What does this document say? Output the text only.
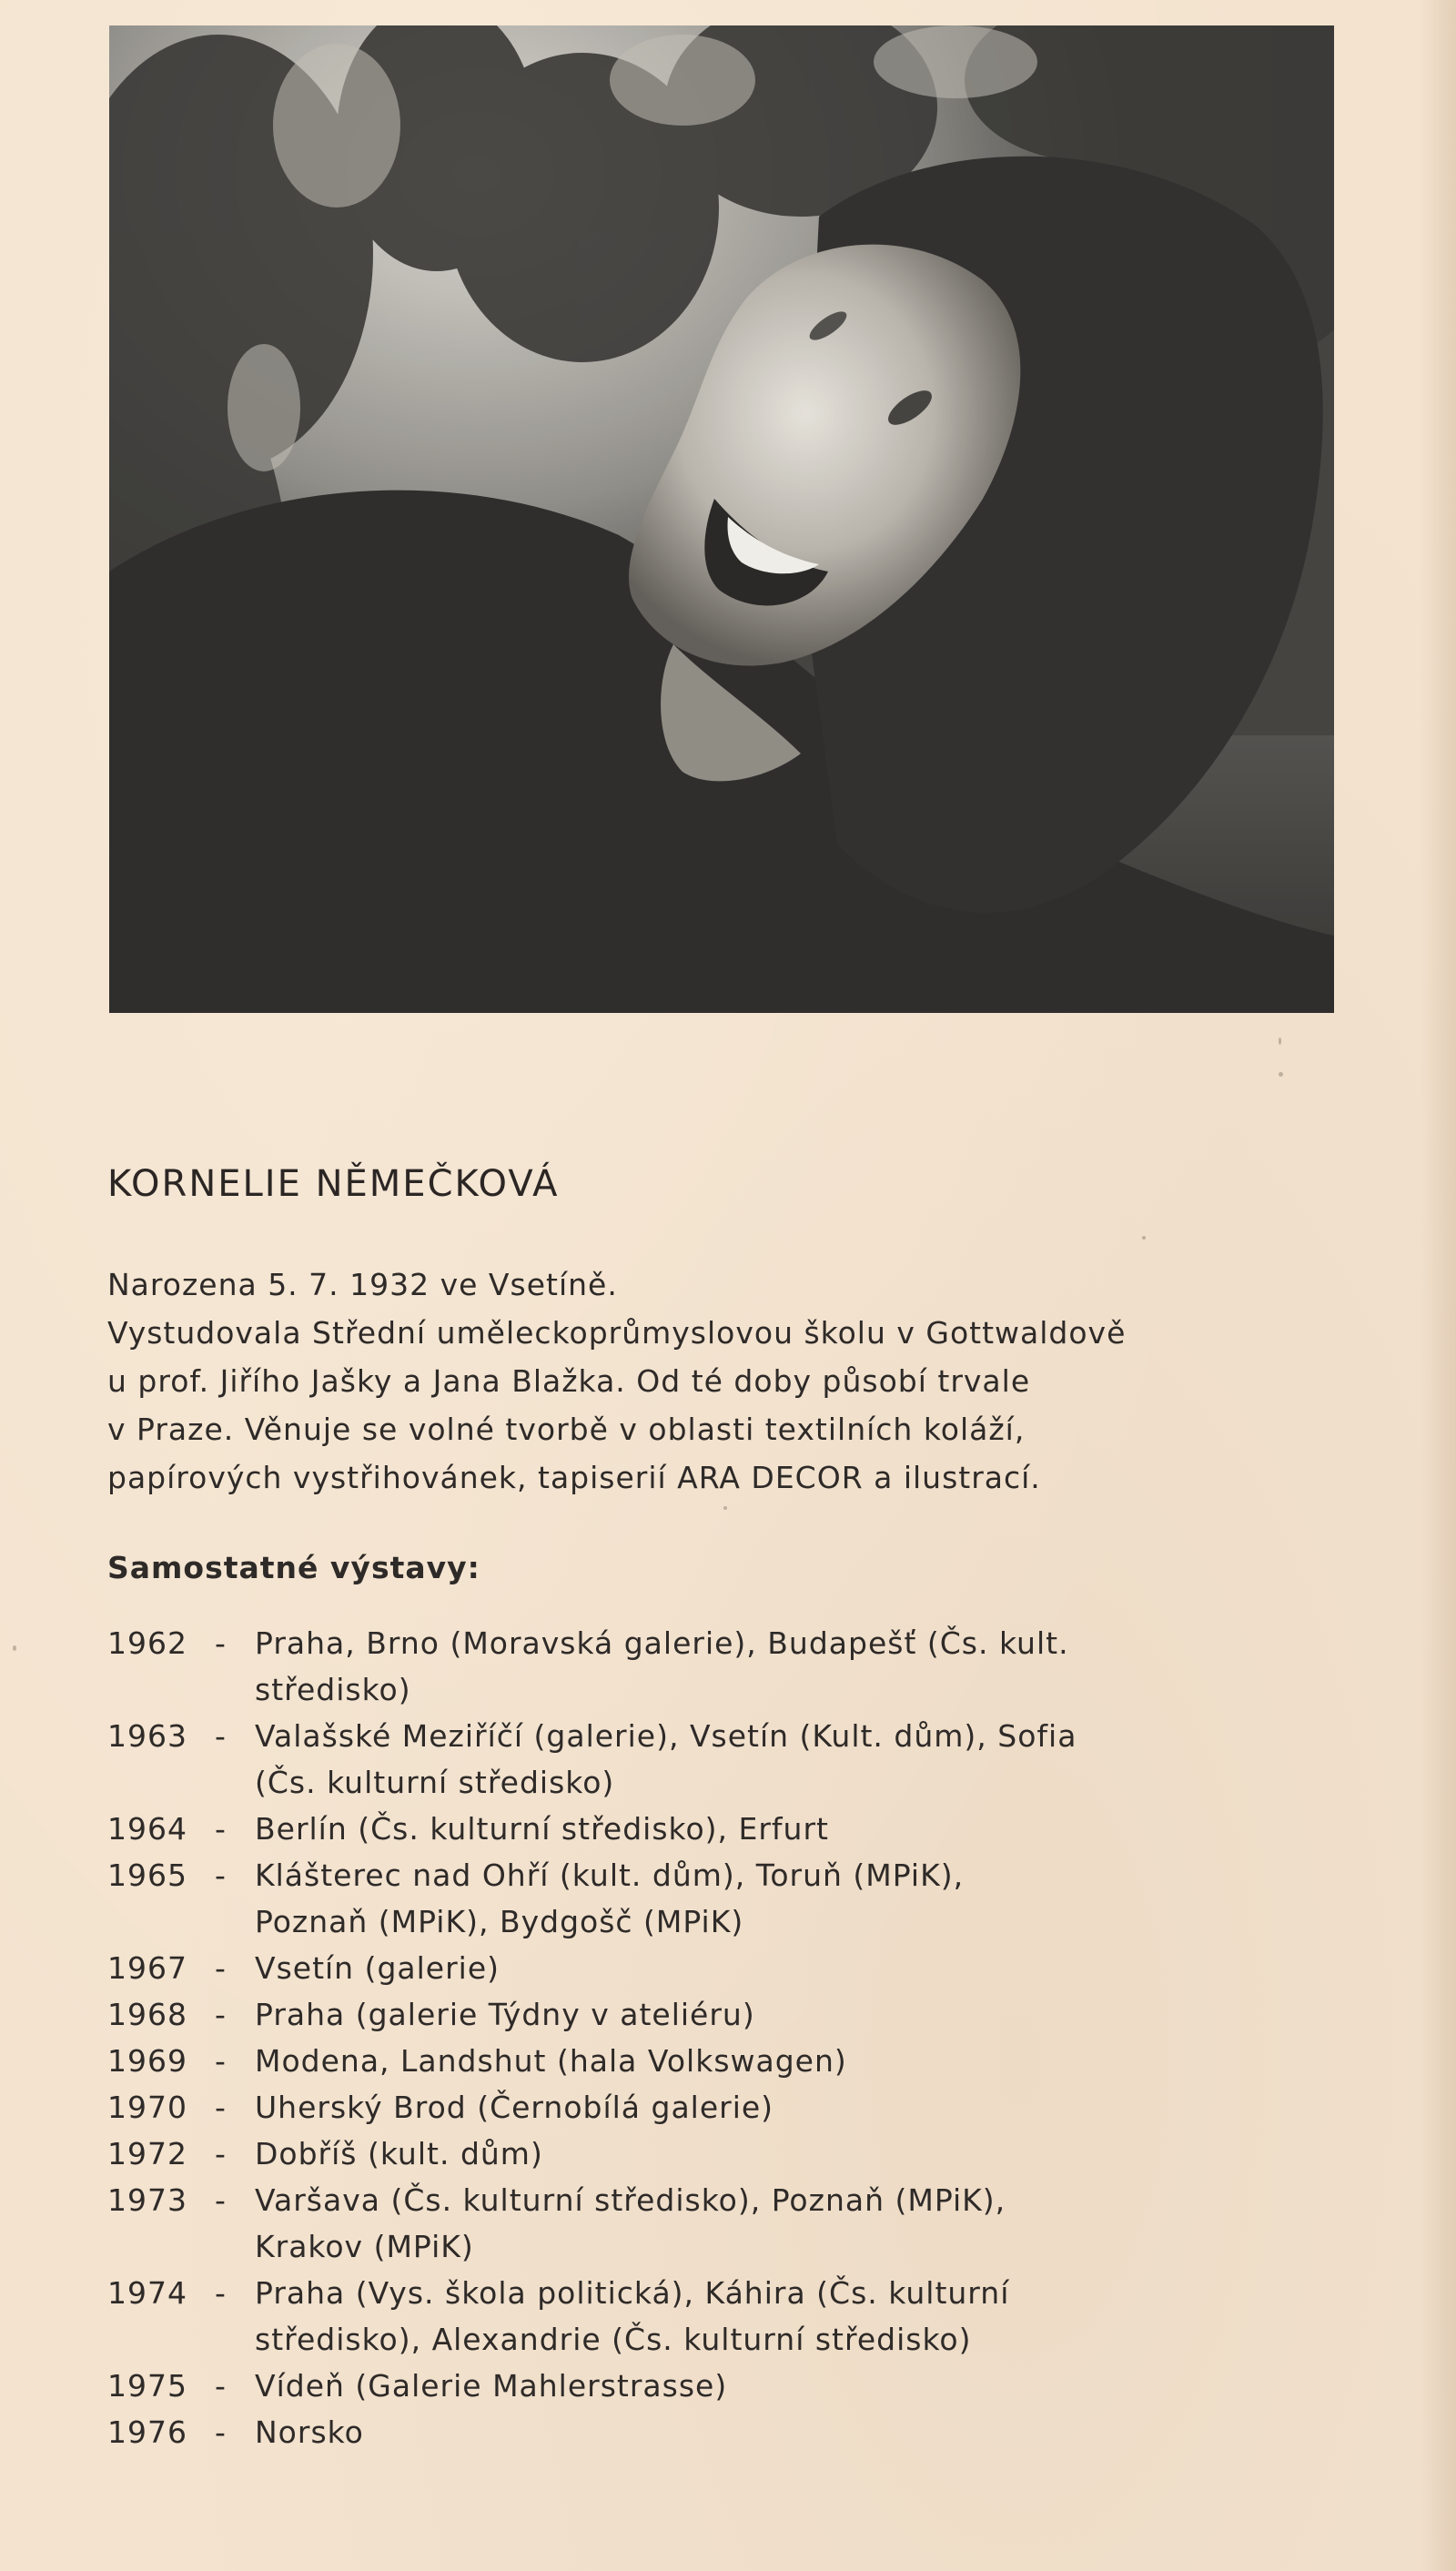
KORNELIE NĚMEČKOVÁ
Narozena 5. 7. 1932 ve Vsetíně.
Vystudovala Střední uměleckoprůmyslovou školu v Gottwaldově
u prof. Jiřího Jašky a Jana Blažka. Od té doby působí trvale
v Praze. Věnuje se volné tvorbě v oblasti textilních koláží,
papírových vystřihovánek, tapiserií ARA DECOR a ilustrací.
Samostatné výstavy:
1962 - Praha, Brno (Moravská galerie), Budapešť (Čs. kult.
středisko)
1963 - Valašské Meziříčí (galerie), Vsetín (Kult. dům), Sofia
(Čs. kulturní středisko)
1964 - Berlín (Čs. kulturní středisko), Erfurt
1965 - Klášterec nad Ohří (kult. dům), Toruň (MPiK),
Poznaň (MPiK), Bydgošč (MPiK)
1967 - Vsetín (galerie)
1968 - Praha (galerie Týdny v ateliéru)
1969 - Modena, Landshut (hala Volkswagen)
1970 - Uherský Brod (Černobílá galerie)
1972 - Dobříš (kult. dům)
1973 - Varšava (Čs. kulturní středisko), Poznaň (MPiK),
Krakov (MPiK)
1974 - Praha (Vys. škola politická), Káhira (Čs. kulturní
středisko), Alexandrie (Čs. kulturní středisko)
1975 - Vídeň (Galerie Mahlerstrasse)
1976 - Norsko
